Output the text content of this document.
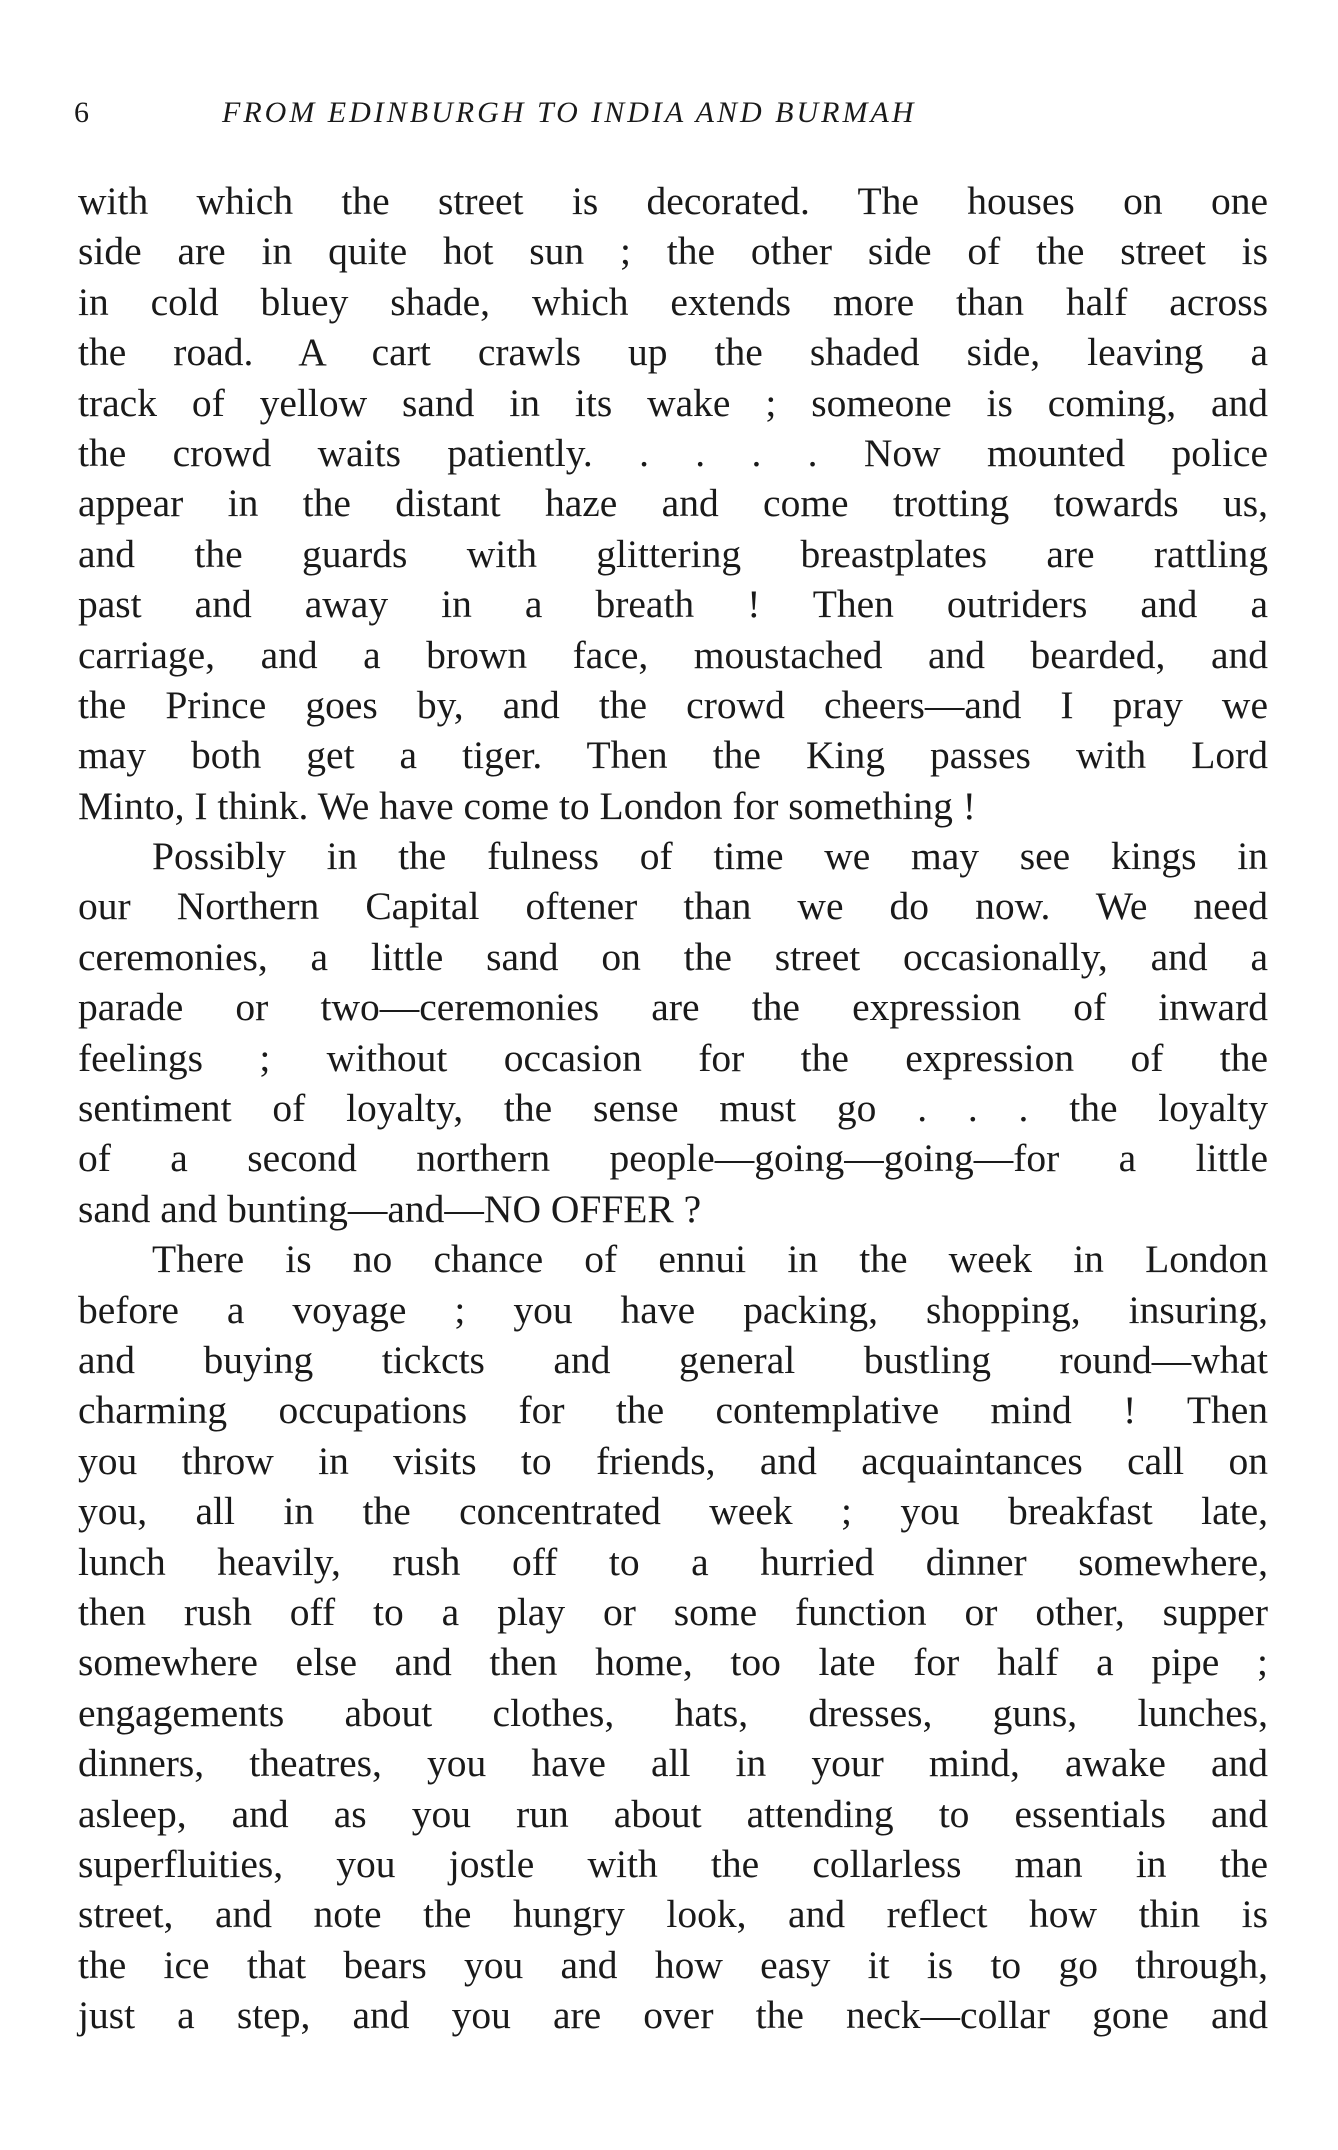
6	FROM EDINBURGH TO INDIA AND BURMAH
with which the street is decorated. The houses on one
side are in quite hot sun ; the other side of the street is
in cold bluey shade, which extends more than half across
the road. A cart crawls up the shaded side, leaving a
track of yellow sand in its wake ; someone is coming, and
the crowd waits patiently. . . . . Now mounted police
appear in the distant haze and come trotting towards us,
and the guards with glittering breastplates are rattling
past and away in a breath ! Then outriders and a
carriage, and a brown face, moustached and bearded, and
the Prince goes by, and the crowd cheers—and I pray we
may both get a tiger. Then the King passes with Lord
Minto, I think. We have come to London for something !
Possibly in the fulness of time we may see kings in
our Northern Capital oftener than we do now. We need
ceremonies, a little sand on the street occasionally, and a
parade or two—ceremonies are the expression of inward
feelings ; without occasion for the expression of the
sentiment of loyalty, the sense must go . . . the loyalty
of a second northern people—going—going—for a little
sand and bunting—and—NO OFFER ?
There is no chance of ennui in the week in London
before a voyage ; you have packing, shopping, insuring,
and buying tickcts and general bustling round—what
charming occupations for the contemplative mind ! Then
you throw in visits to friends, and acquaintances call on
you, all in the concentrated week ; you breakfast late,
lunch heavily, rush off to a hurried dinner somewhere,
then rush off to a play or some function or other, supper
somewhere else and then home, too late for half a pipe ;
engagements about clothes, hats, dresses, guns, lunches,
dinners, theatres, you have all in your mind, awake and
asleep, and as you run about attending to essentials and
superfluities, you jostle with the collarless man in the
street, and note the hungry look, and reflect how thin is
the ice that bears you and how easy it is to go through,
just a step, and you are over the neck—collar gone and
